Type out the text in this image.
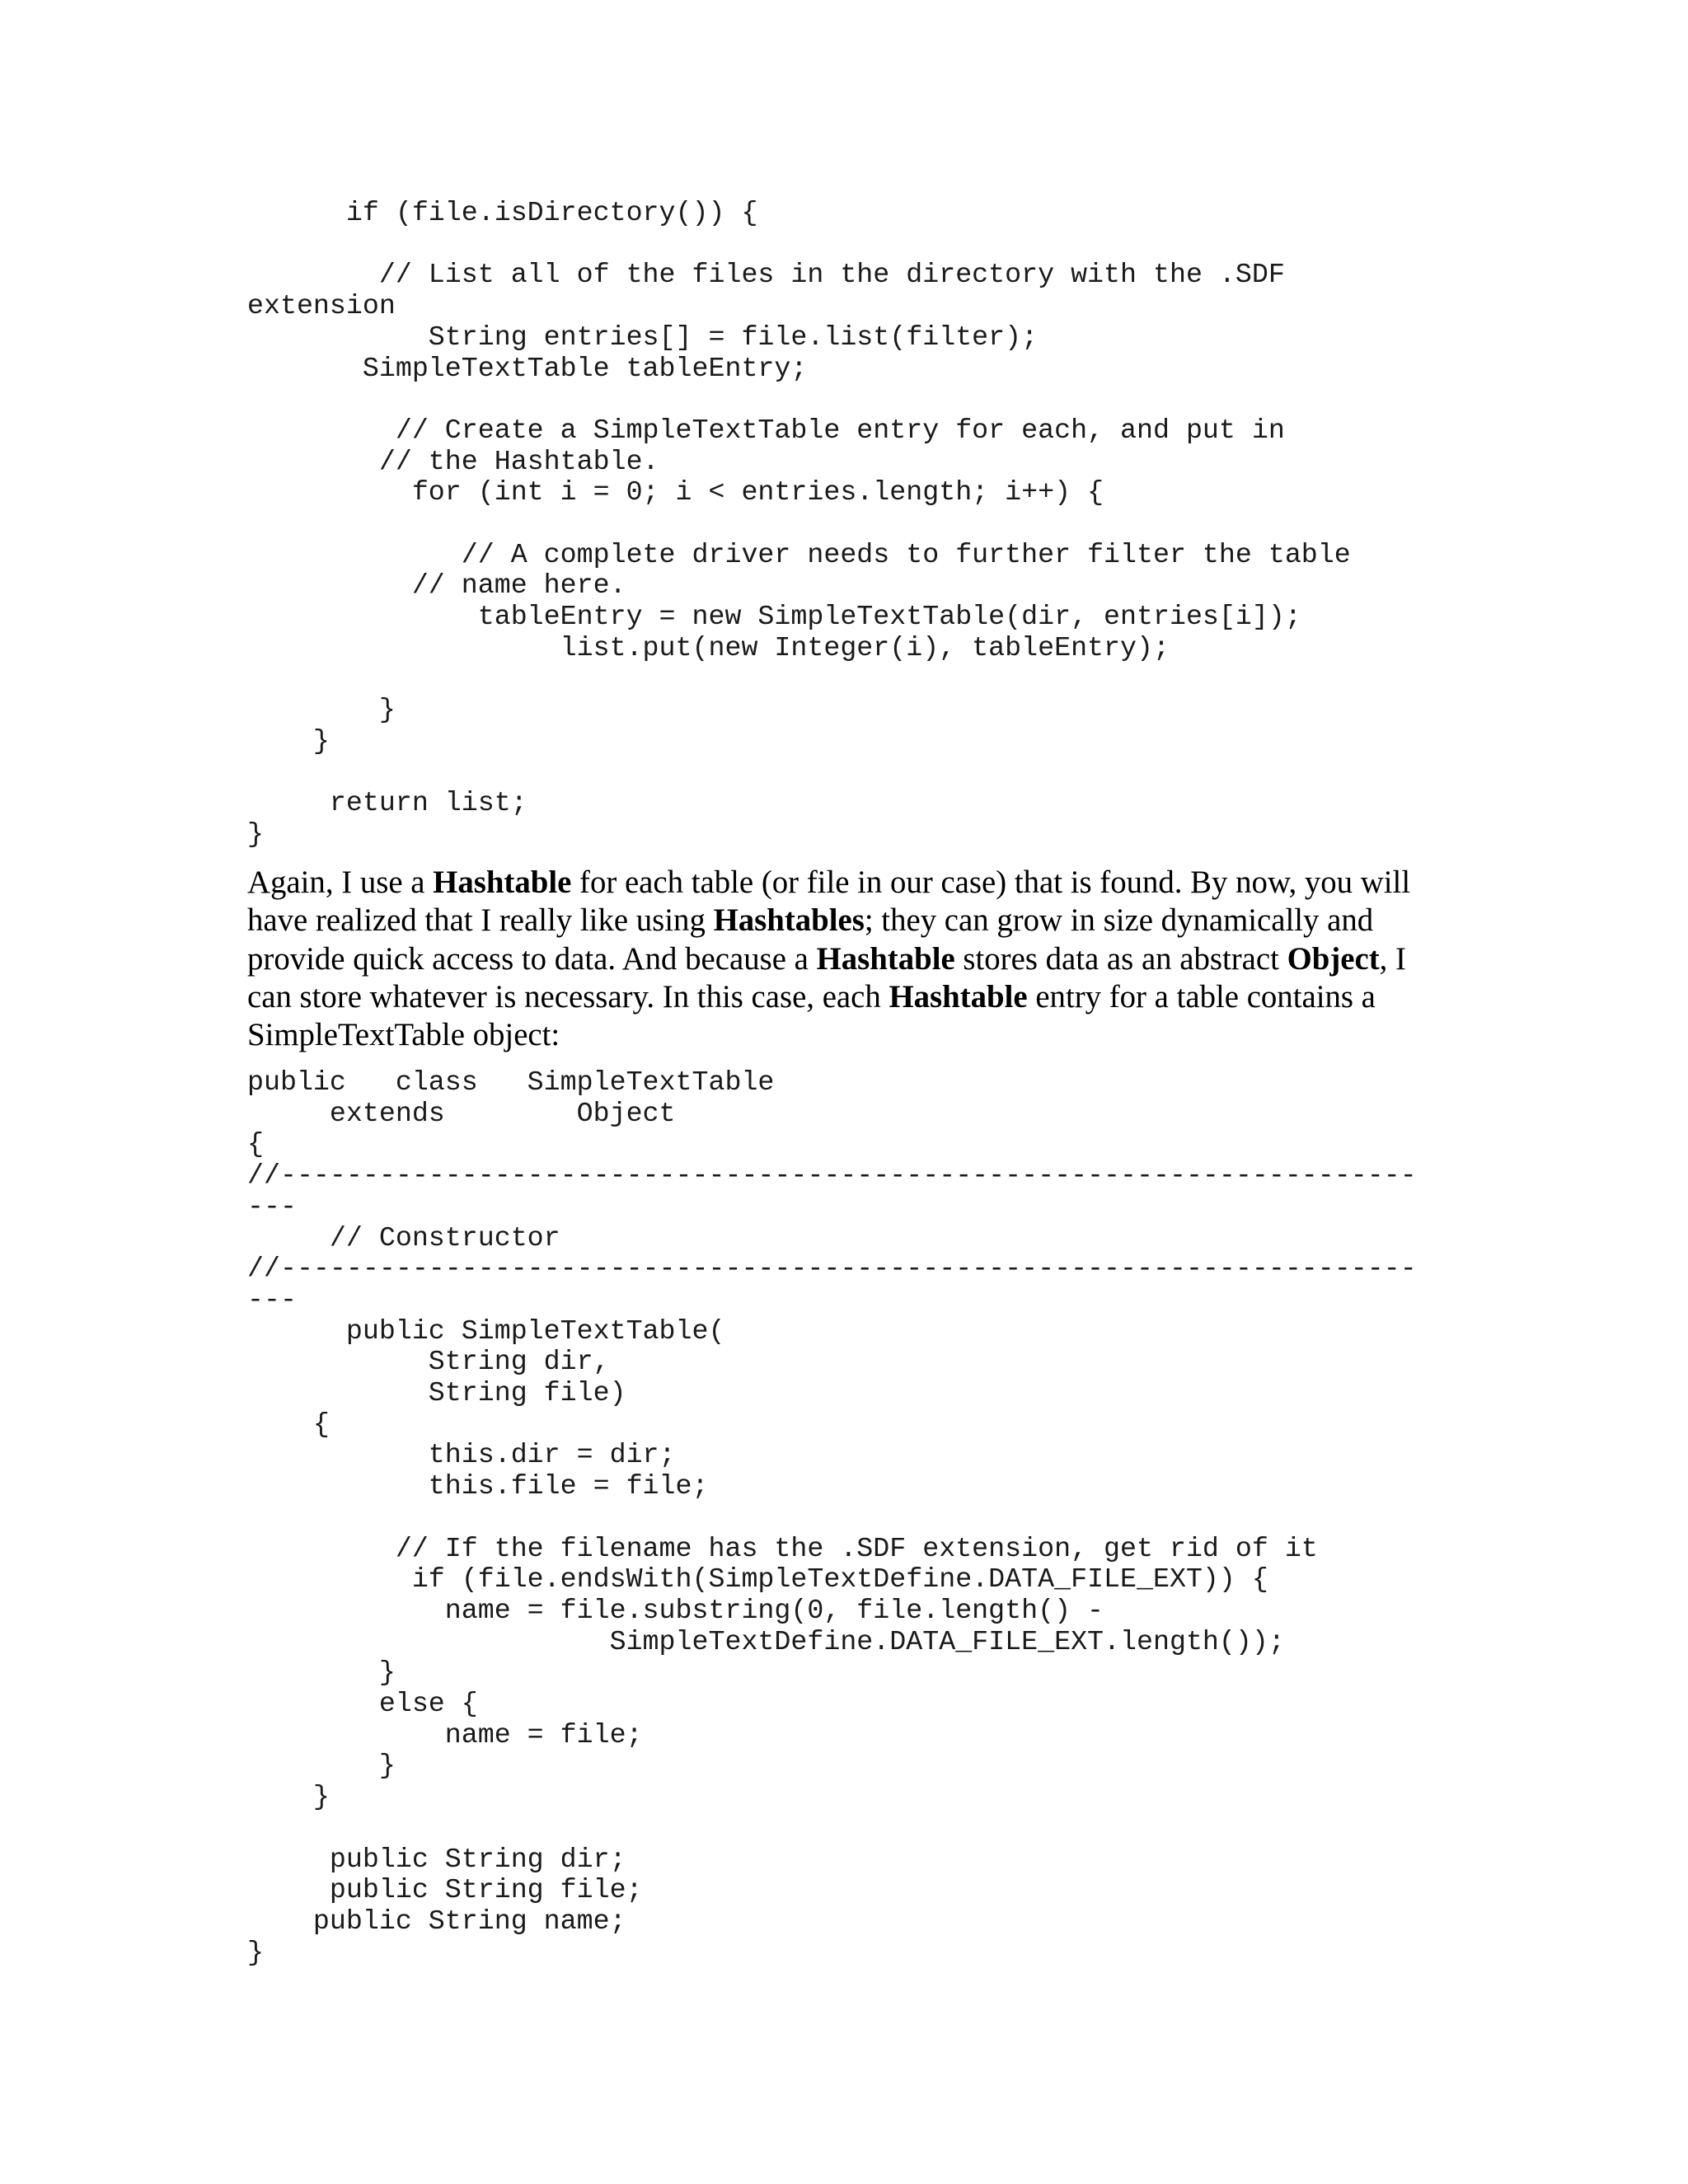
if (file.isDirectory()) {
// List all of the files in the directory with the .SDF
extension
String entries[] = file.list(filter);
SimpleTextTable tableEntry;
// Create a SimpleTextTable entry for each, and put in
// the Hashtable.
for (int i = 0; i < entries.length; i++) {
// A complete driver needs to further filter the table
// name here.
tableEntry = new SimpleTextTable(dir, entries[i]);
list.put(new Integer(i), tableEntry);
}
}
return list;
}

Again, I use a Hashtable for each table (or file in our case) that is found. By now, you will have realized that I really like using Hashtables; they can grow in size dynamically and provide quick access to data. And because a Hashtable stores data as an abstract Object, I can store whatever is necessary. In this case, each Hashtable entry for a table contains a SimpleTextTable object:

public   class   SimpleTextTable
extends        Object
{
//---------------------------------------------------------------------
---
// Constructor
//---------------------------------------------------------------------
---
public SimpleTextTable(
String dir,
String file)
{
this.dir = dir;
this.file = file;
// If the filename has the .SDF extension, get rid of it
if (file.endsWith(SimpleTextDefine.DATA_FILE_EXT)) {
name = file.substring(0, file.length() -
SimpleTextDefine.DATA_FILE_EXT.length());
}
else {
name = file;
}
}
public String dir;
public String file;
public String name;
}
